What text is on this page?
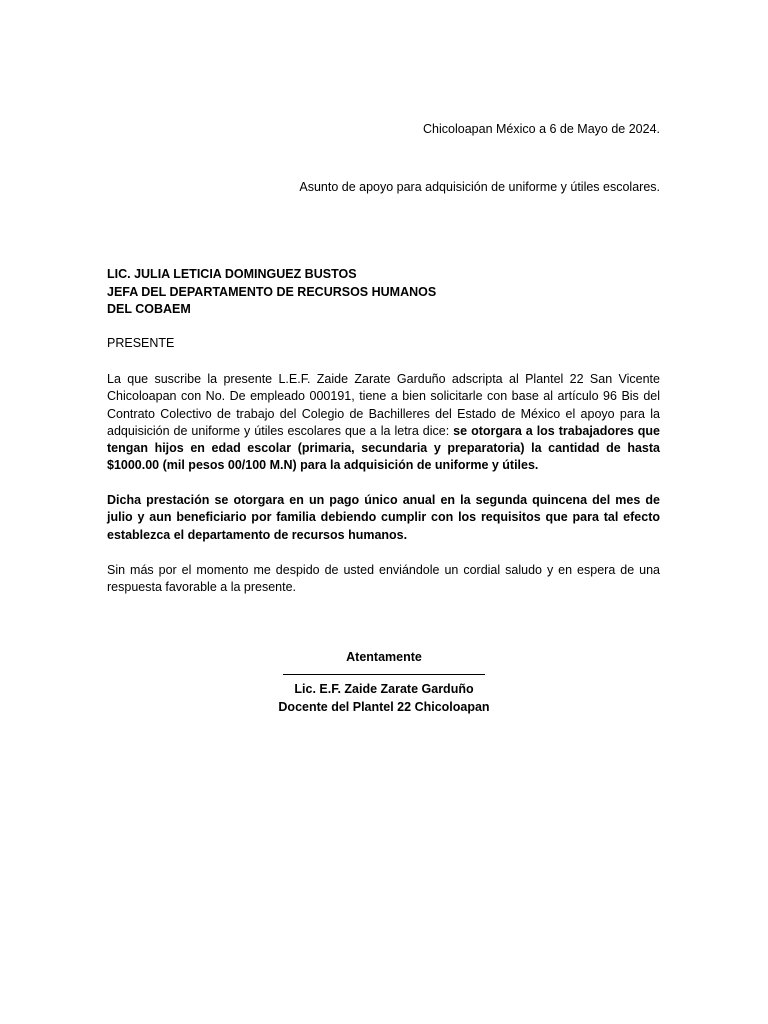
Chicoloapan México a 6 de Mayo de 2024.
Asunto de apoyo para adquisición de uniforme y útiles escolares.
LIC. JULIA LETICIA DOMINGUEZ BUSTOS
JEFA DEL DEPARTAMENTO DE RECURSOS HUMANOS
DEL COBAEM
PRESENTE
La que suscribe la presente L.E.F. Zaide Zarate Garduño adscripta al Plantel 22 San Vicente Chicoloapan con No. De empleado 000191, tiene a bien solicitarle con base al artículo 96 Bis del Contrato Colectivo de trabajo del Colegio de Bachilleres del Estado de México el apoyo para la adquisición de uniforme y útiles escolares que a la letra dice: se otorgara a los trabajadores que tengan hijos en edad escolar (primaria, secundaria y preparatoria) la cantidad de hasta $1000.00 (mil pesos 00/100 M.N) para la adquisición de uniforme y útiles.
Dicha prestación se otorgara en un pago único anual en la segunda quincena del mes de julio y aun beneficiario por familia debiendo cumplir con los requisitos que para tal efecto establezca el departamento de recursos humanos.
Sin más por el momento me despido de usted enviándole un cordial saludo y en espera de una respuesta favorable a la presente.
Atentamente
Lic. E.F. Zaide Zarate Garduño
Docente del Plantel 22 Chicoloapan
